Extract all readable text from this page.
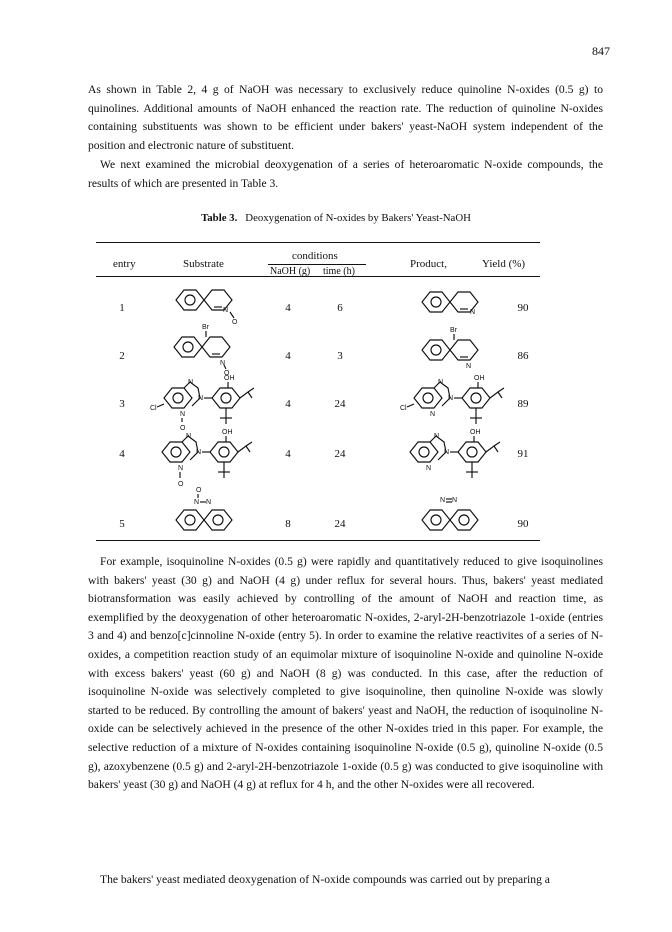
847

As shown in Table 2, 4 g of NaOH was necessary to exclusively reduce quinoline N-oxides (0.5 g) to quinolines. Additional amounts of NaOH enhanced the reaction rate. The reduction of quinoline N-oxides containing substituents was shown to be efficient under bakers' yeast-NaOH system independent of the position and electronic nature of substituent.

We next examined the microbial deoxygenation of a series of heteroaromatic N-oxide compounds, the results of which are presented in Table 3.

Table 3. Deoxygenation of N-oxides by Bakers' Yeast-NaOH
entry	Substrate
conditions
NaOH (g) time (h)
Product,	Yield (%)
1	4	6	90
2	4	3	86
3	4	24	89
4	4	24	91
5	8	24	90
N
O
N
Br
N
O
Br
N
Cl
N
N
N
O
OH
Cl
N
N
N
OH
N
N
N
O
OH
N
N
N
OH
O
N N	N N

For example, isoquinoline N-oxides (0.5 g) were rapidly and quantitatively reduced to give isoquinolines with bakers' yeast (30 g) and NaOH (4 g) under reflux for several hours. Thus, bakers' yeast mediated biotransformation was easily achieved by controlling of the amount of NaOH and reaction time, as exemplified by the deoxygenation of other heteroaromatic N-oxides, 2-aryl-2H-benzotriazole 1-oxide (entries 3 and 4) and benzo[c]cinnoline N-oxide (entry 5). In order to examine the relative reactivites of a series of N-oxides, a competition reaction study of an equimolar mixture of isoquinoline N-oxide and quinoline N-oxide with excess bakers' yeast (60 g) and NaOH (8 g) was conducted. In this case, after the reduction of isoquinoline N-oxide was selectively completed to give isoquinoline, then quinoline N-oxide was slowly started to be reduced. By controlling the amount of bakers' yeast and NaOH, the reduction of isoquinoline N-oxide can be selectively achieved in the presence of the other N-oxides tried in this paper. For example, the selective reduction of a mixture of N-oxides containing isoquinoline N-oxide (0.5 g), quinoline N-oxide (0.5 g), azoxybenzene (0.5 g) and 2-aryl-2H-benzotriazole 1-oxide (0.5 g) was conducted to give isoquinoline with bakers' yeast (30 g) and NaOH (4 g) at reflux for 4 h, and the other N-oxides were all recovered.

The bakers' yeast mediated deoxygenation of N-oxide compounds was carried out by preparing a
